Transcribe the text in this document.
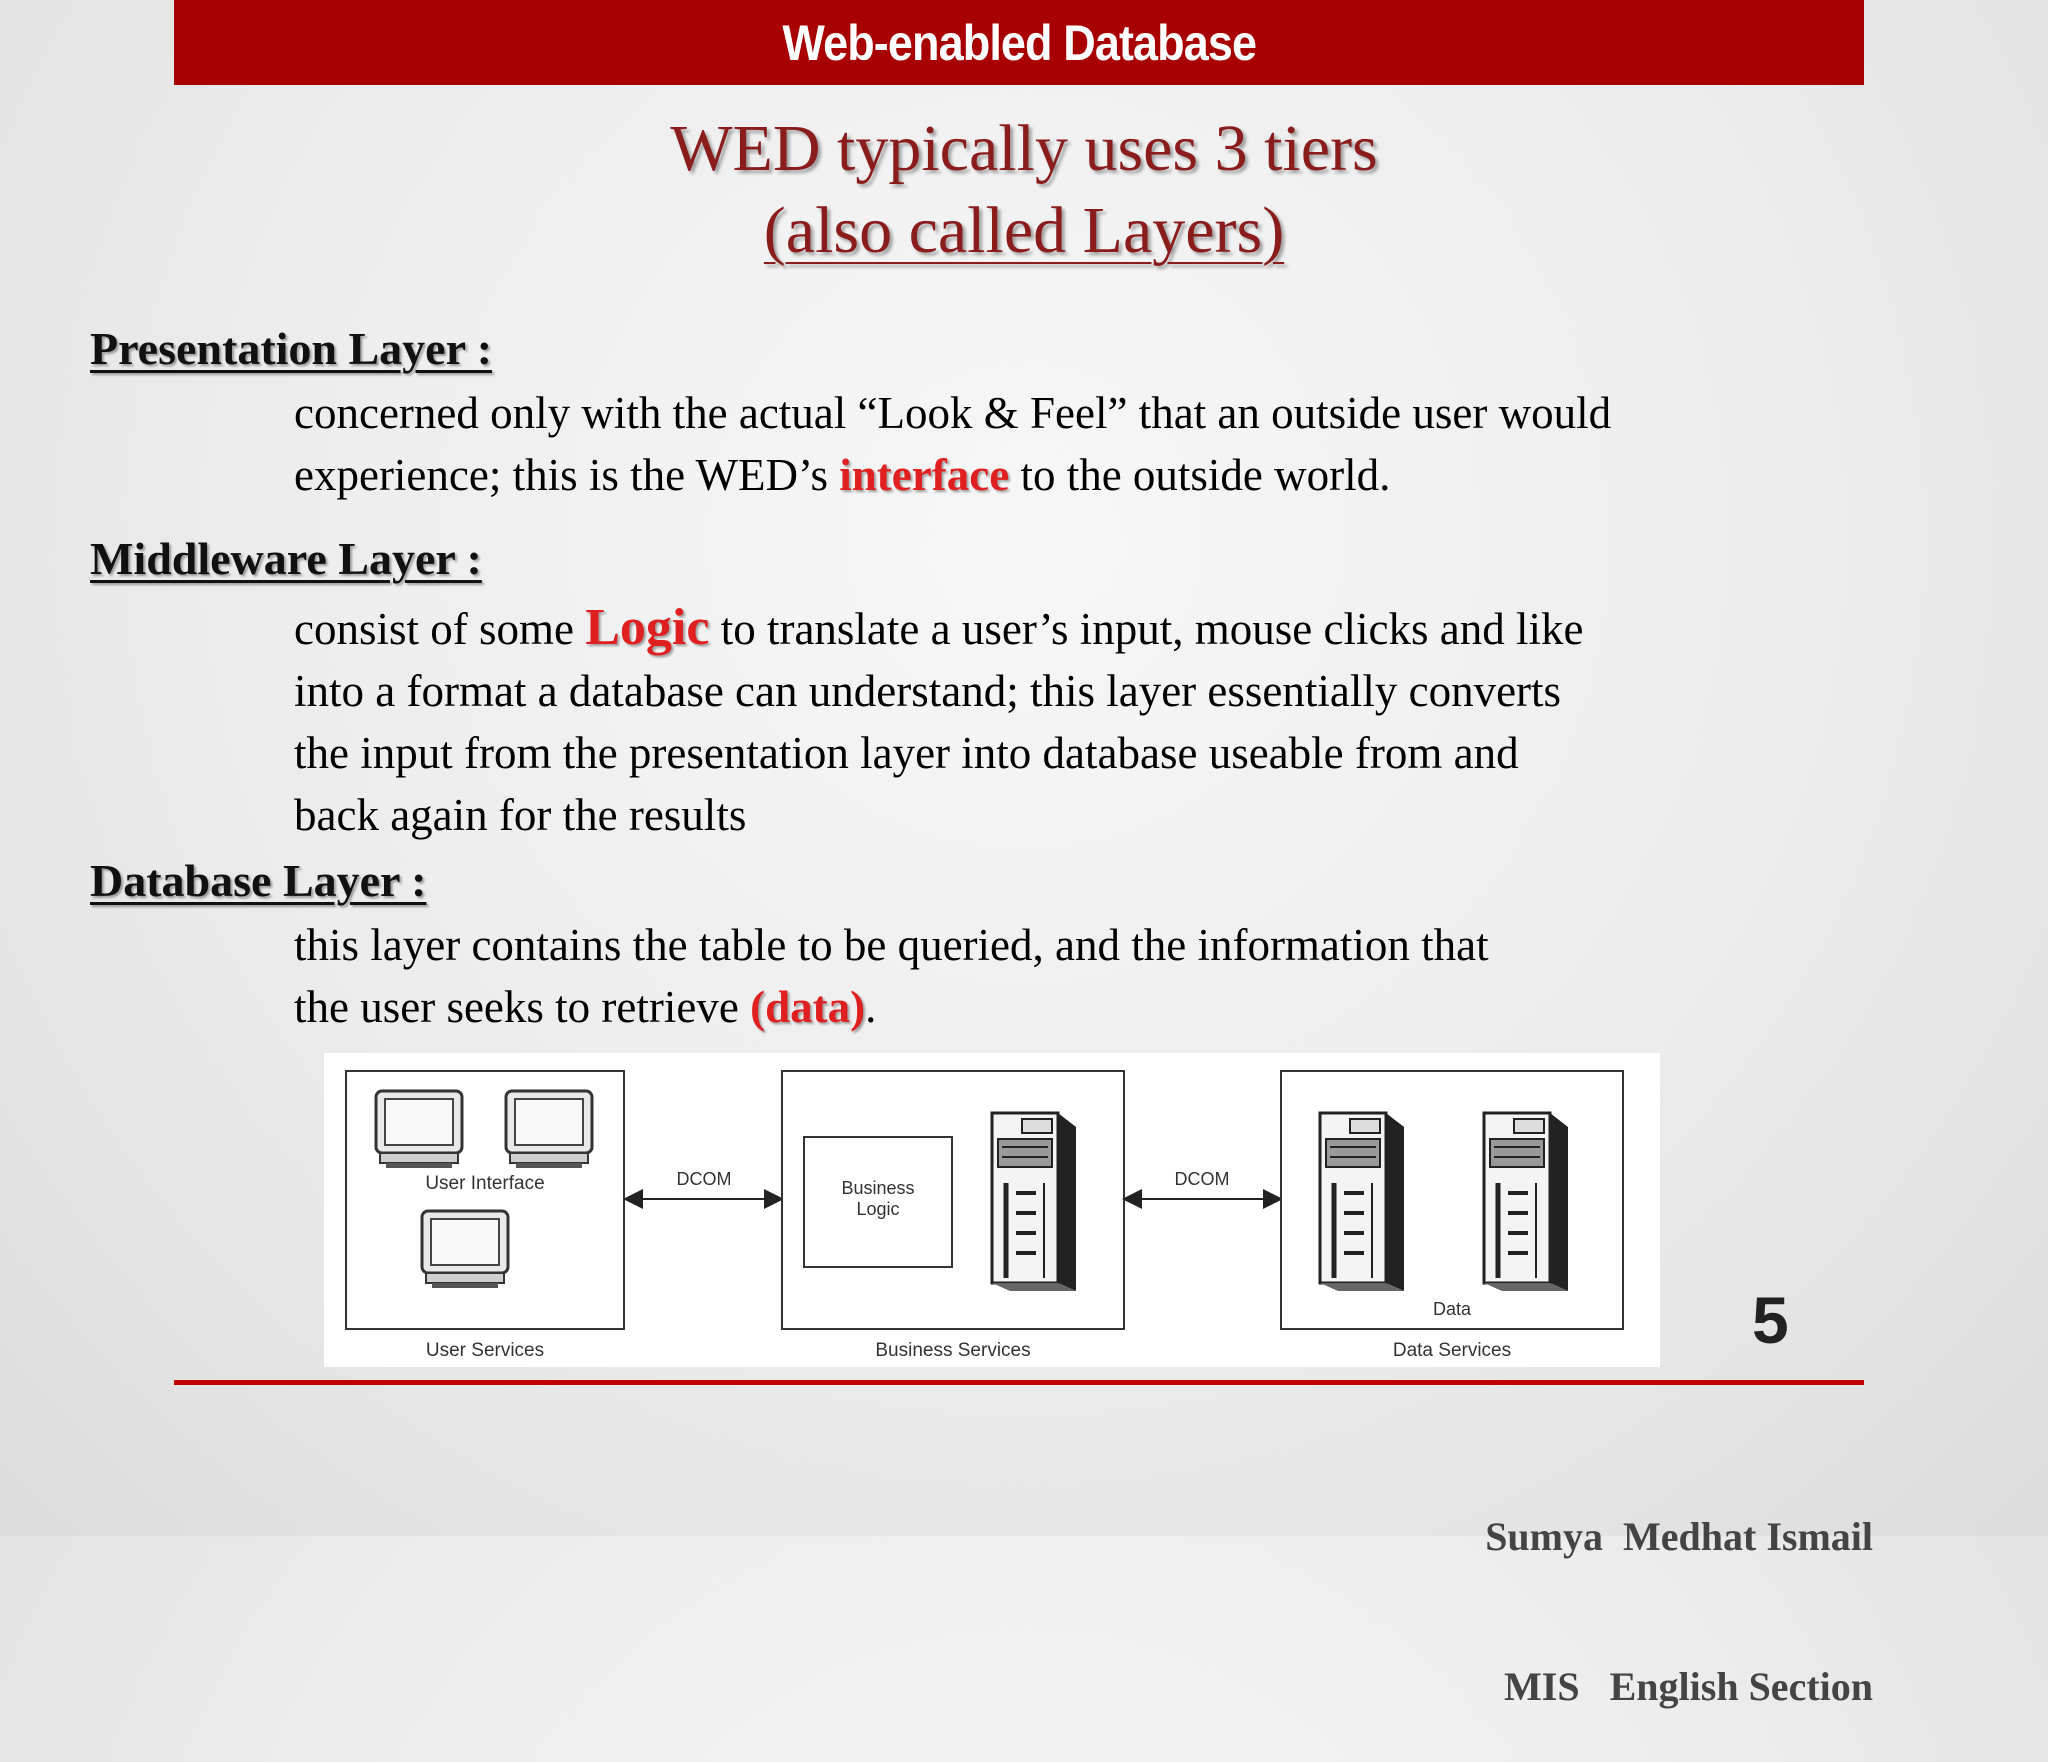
Web-enabled Database
WED typically uses 3 tiers
(also called Layers)
Presentation Layer :
concerned only with the actual “Look & Feel” that an outside user would
experience; this is the WED’s interface to the outside world.
Middleware Layer :
consist of some Logic to translate a user’s input, mouse clicks and like
into a format a database can understand; this layer essentially converts
the input from the presentation layer into database useable from and
back again for the results
Database Layer :
this layer contains the table to be queried, and the information that
the user seeks to retrieve (data).
User Interface
User Services
DCOM	Business
Logic
Business Services
DCOM
Data
Data Services	5

Sumya  Medhat Ismail

MIS   English Section
